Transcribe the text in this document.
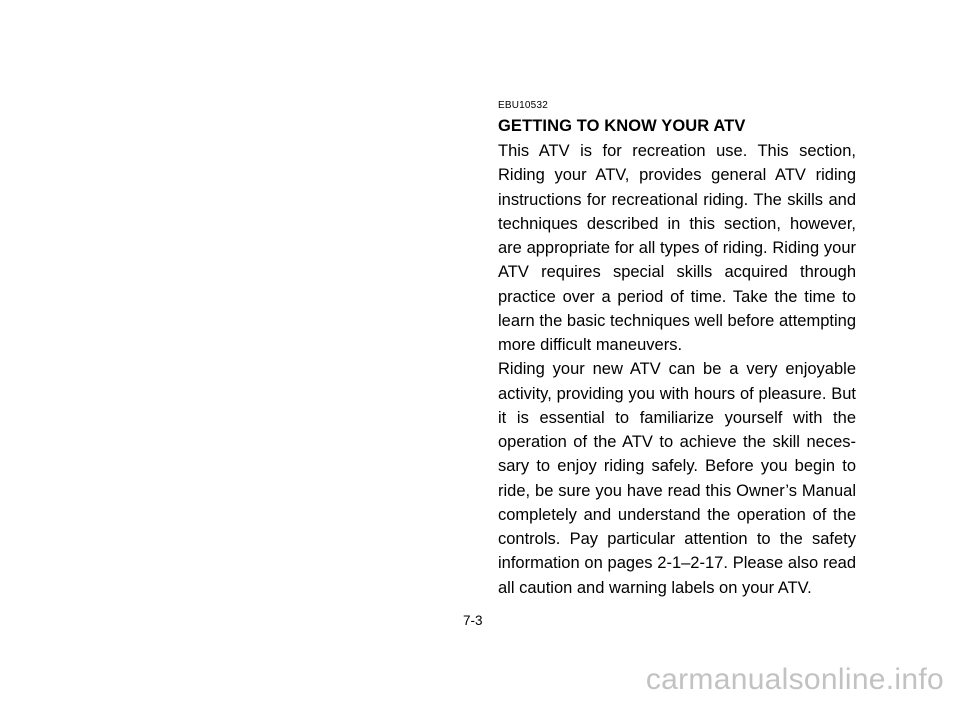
EBU10532
GETTING TO KNOW YOUR ATV

This ATV is for recreation use. This section, Riding your ATV, provides general ATV riding instructions for recreational riding. The skills and techniques described in this section, however, are appropriate for all types of riding. Riding your ATV requires special skills acquired through practice over a period of time. Take the time to learn the basic techniques well before attempting more difficult maneuvers.

Riding your new ATV can be a very enjoyable activity, providing you with hours of pleasure. But it is essential to familiarize yourself with the operation of the ATV to achieve the skill neces-sary to enjoy riding safely. Before you begin to ride, be sure you have read this Owner’s Manual completely and understand the operation of the controls. Pay particular attention to the safety information on pages 2-1–2-17. Please also read all caution and warning labels on your ATV.

7-3
carmanualsonline.info
